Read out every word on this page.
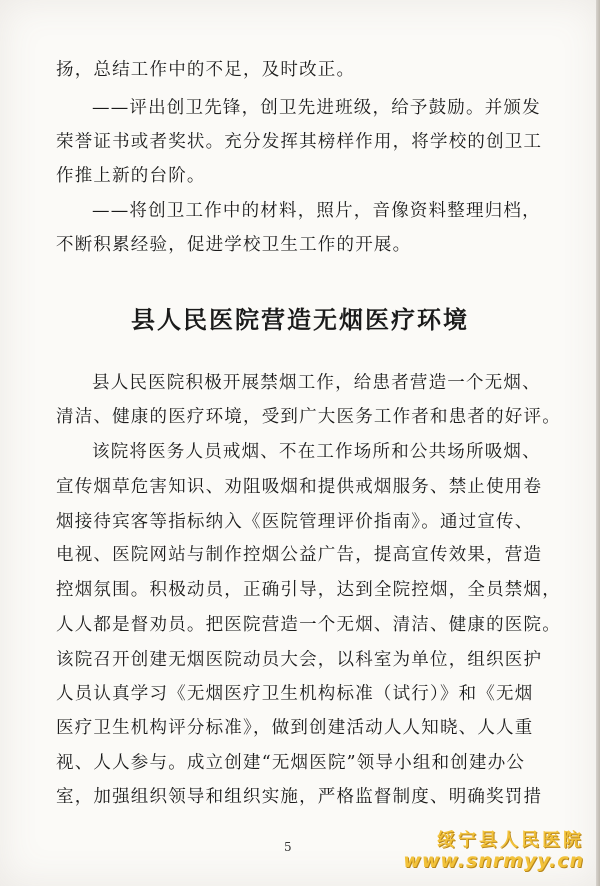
扬，总结工作中的不足，及时改正。
——评出创卫先锋，创卫先进班级，给予鼓励。并颁发
荣誉证书或者奖状。充分发挥其榜样作用，将学校的创卫工
作推上新的台阶。
——将创卫工作中的材料，照片，音像资料整理归档，
不断积累经验，促进学校卫生工作的开展。
县人民医院营造无烟医疗环境
县人民医院积极开展禁烟工作，给患者营造一个无烟、
清洁、健康的医疗环境，受到广大医务工作者和患者的好评。
该院将医务人员戒烟、不在工作场所和公共场所吸烟、
宣传烟草危害知识、劝阻吸烟和提供戒烟服务、禁止使用卷
烟接待宾客等指标纳入《医院管理评价指南》。通过宣传、
电视、医院网站与制作控烟公益广告，提高宣传效果，营造
控烟氛围。积极动员，正确引导，达到全院控烟，全员禁烟，
人人都是督劝员。把医院营造一个无烟、清洁、健康的医院。
该院召开创建无烟医院动员大会，以科室为单位，组织医护
人员认真学习《无烟医疗卫生机构标准（试行）》和《无烟
医疗卫生机构评分标准》，做到创建活动人人知晓、人人重
视、人人参与。成立创建“无烟医院”领导小组和创建办公
室，加强组织领导和组织实施，严格监督制度、明确奖罚措
5	绥宁县人民医院
www.snrmyy.cn
